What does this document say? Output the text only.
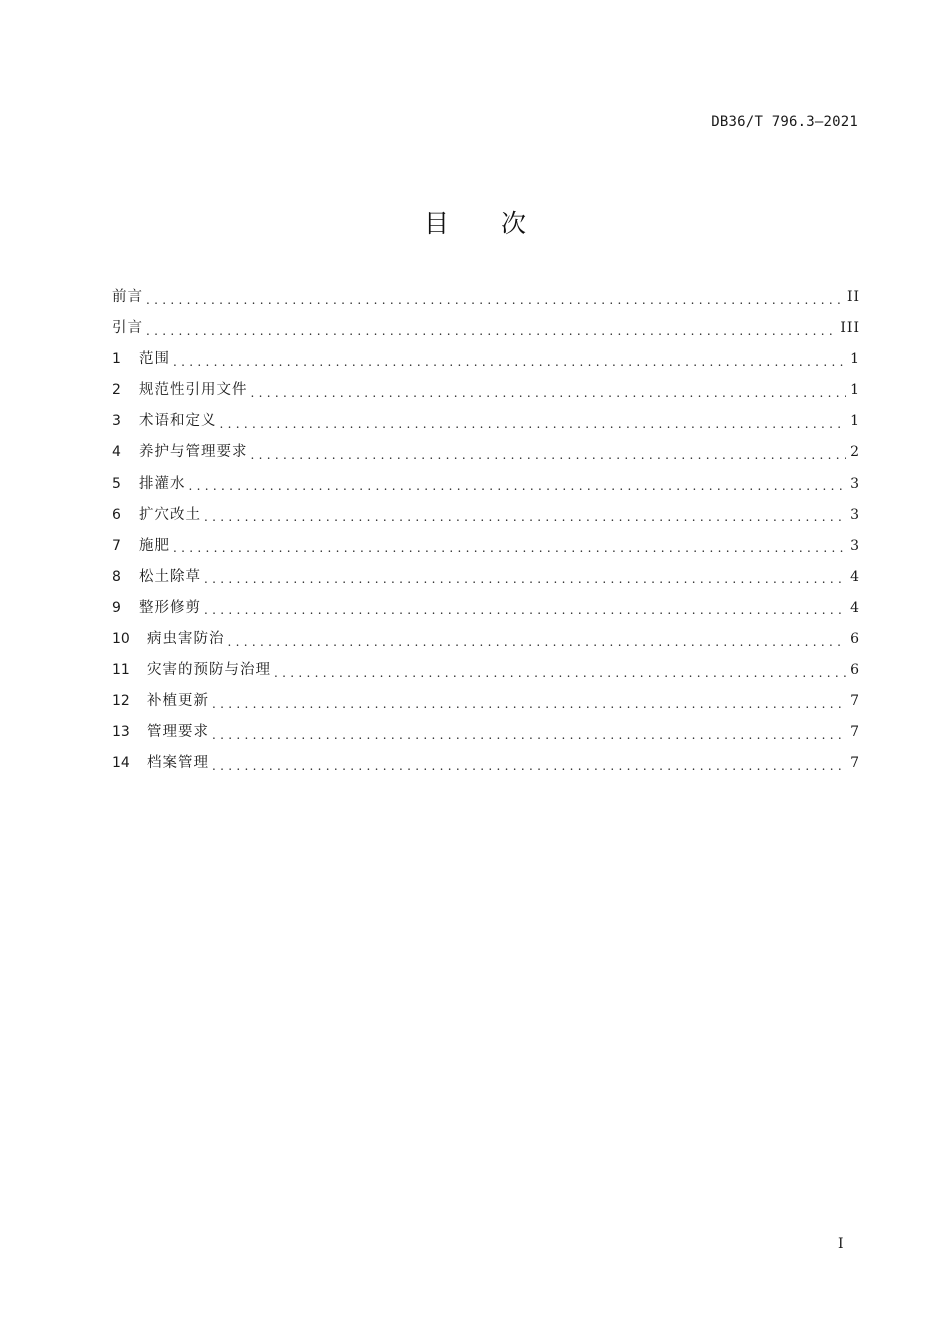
DB36/T 796.3—2021
目次
前言 . . .	II
引言 . . .	III
1	范围 . . .	1
2	规范性引用文件 . . .	1
3	术语和定义 . . .	1
4	养护与管理要求 . . .	2
5	排灌水 . . .	3
6	扩穴改土 . . .	3
7	施肥 . . .	3
8	松土除草 . . .	4
9	整形修剪 . . .	4
10	病虫害防治 . . .	6
11	灾害的预防与治理 . . .	6
12	补植更新 . . .	7
13	管理要求 . . .	7
14	档案管理 . . .	7
I
